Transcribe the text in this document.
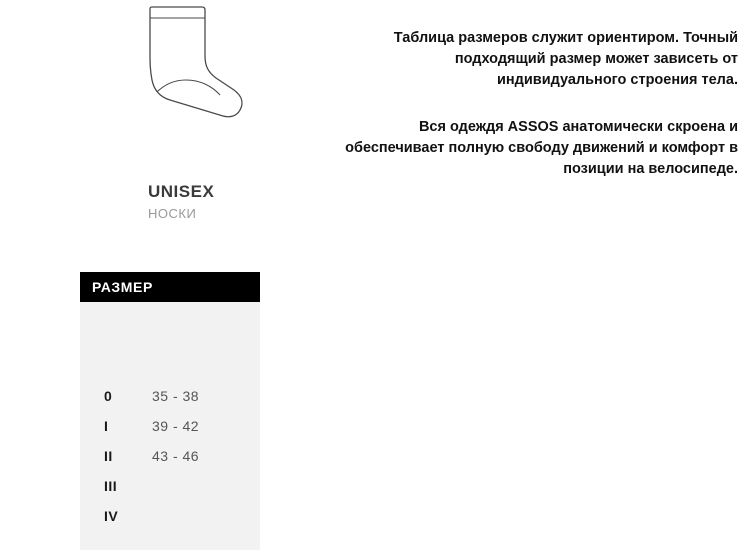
UNISEX
НОСКИ
РАЗМЕР
0	35 - 38
I	39 - 42
II	43 - 46
III
IV

Таблица размеров служит ориентиром. Точный подходящий размер может зависеть от индивидуального строения тела.

Вся одеждя ASSOS анатомически скроена и обеспечивает полную свободу движений и комфорт в позиции на велосипеде.
